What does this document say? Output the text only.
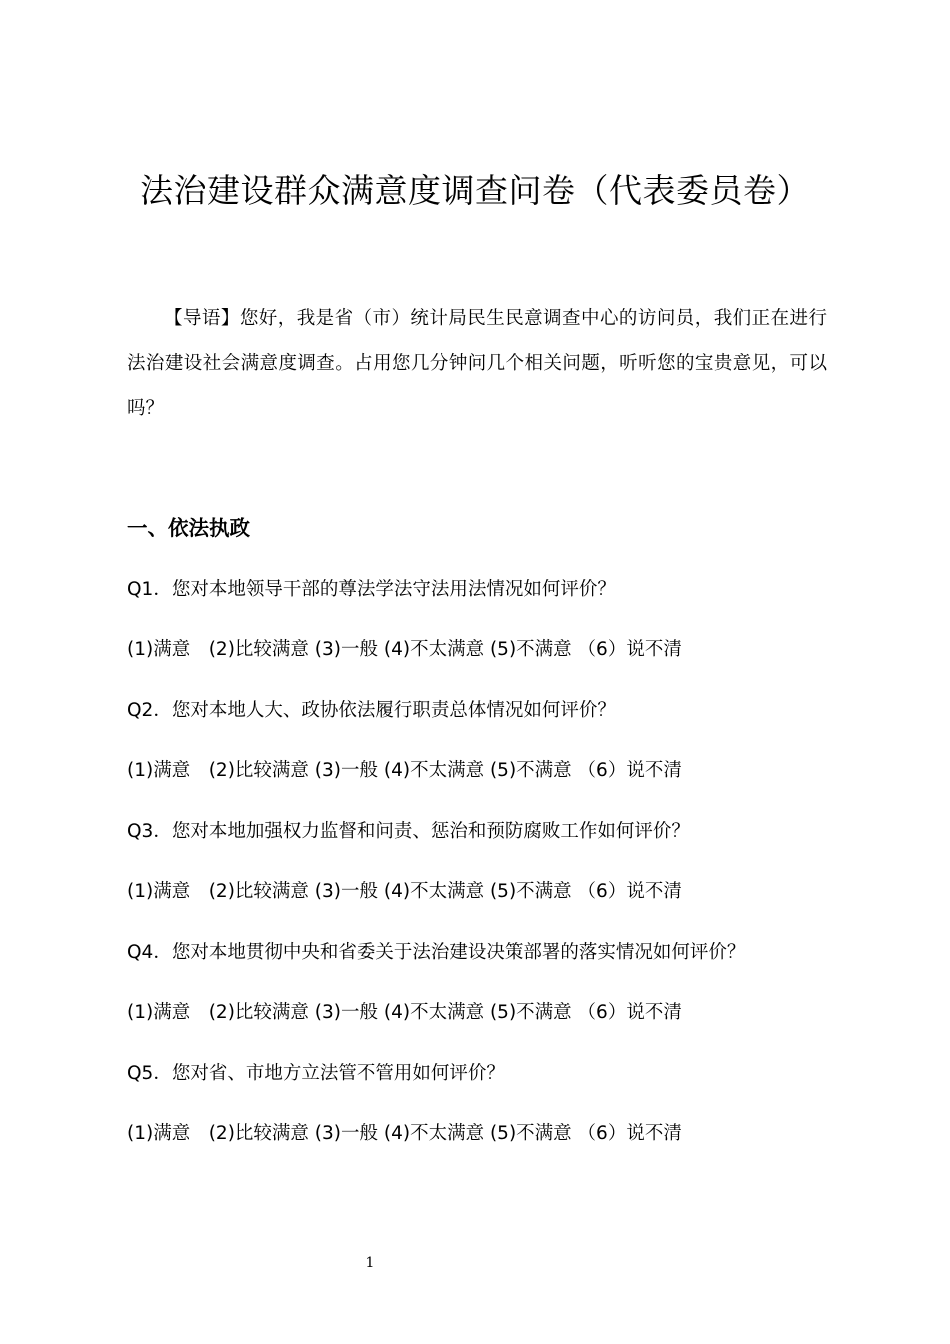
法治建设群众满意度调查问卷（代表委员卷）

【导语】您好，我是省（市）统计局民生民意调查中心的访问员，我们正在进行法治建设社会满意度调查。占用您几分钟问几个相关问题，听听您的宝贵意见，可以吗？

一、依法执政
Q1．您对本地领导干部的尊法学法守法用法情况如何评价？
(1)满意　(2)比较满意 (3)一般 (4)不太满意 (5)不满意 （6）说不清
Q2．您对本地人大、政协依法履行职责总体情况如何评价？
(1)满意　(2)比较满意 (3)一般 (4)不太满意 (5)不满意 （6）说不清
Q3．您对本地加强权力监督和问责、惩治和预防腐败工作如何评价？
(1)满意　(2)比较满意 (3)一般 (4)不太满意 (5)不满意 （6）说不清
Q4．您对本地贯彻中央和省委关于法治建设决策部署的落实情况如何评价？
(1)满意　(2)比较满意 (3)一般 (4)不太满意 (5)不满意 （6）说不清
Q5．您对省、市地方立法管不管用如何评价？
(1)满意　(2)比较满意 (3)一般 (4)不太满意 (5)不满意 （6）说不清
1
